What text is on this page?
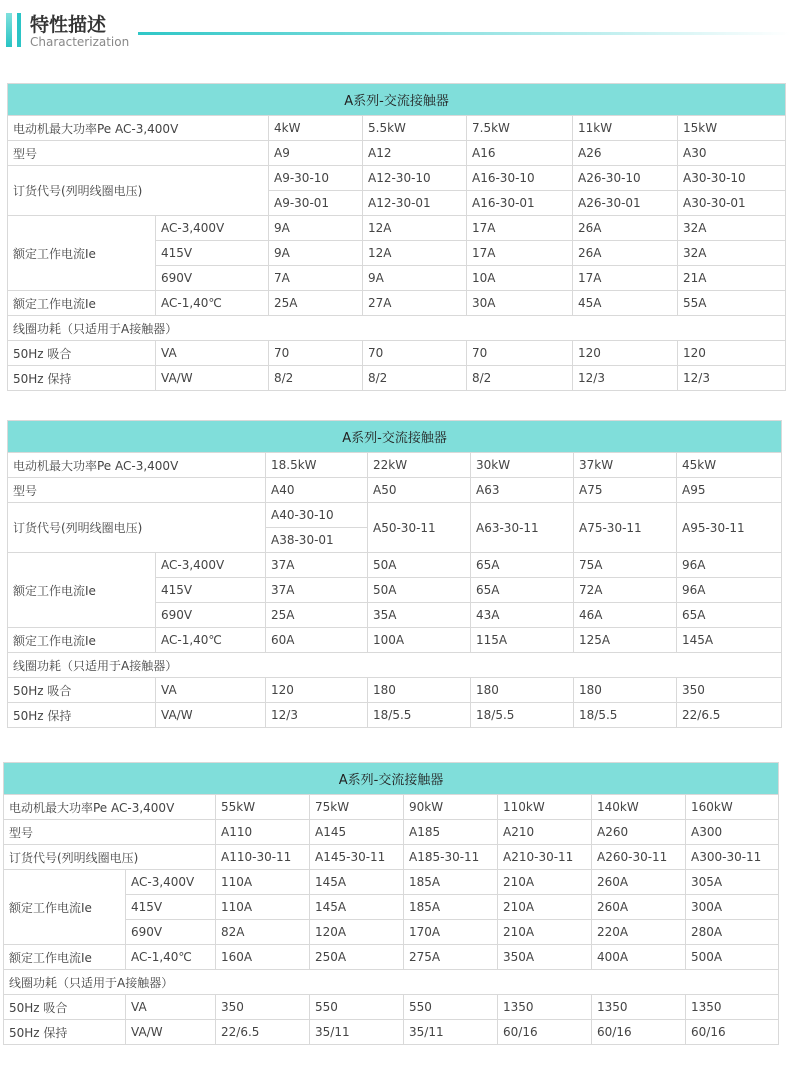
特性描述
Characterization
A系列-交流接触器						
电动机最大功率Pe AC-3,400V		4kW	5.5kW	7.5kW	11kW	15kW
型号		A9	A12	A16	A26	A30
订货代号(列明线圈电压)		A9-30-10	A12-30-10	A16-30-10	A26-30-10	A30-30-10
		A9-30-01	A12-30-01	A16-30-01	A26-30-01	A30-30-01
额定工作电流Ie	AC-3,400V	9A	12A	17A	26A	32A
	415V	9A	12A	17A	26A	32A
	690V	7A	9A	10A	17A	21A
额定工作电流Ie	AC-1,40℃	25A	27A	30A	45A	55A
线圈功耗（只适用于A接触器）						
50Hz 吸合	VA	70	70	70	120	120
50Hz 保持	VA/W	8/2	8/2	8/2	12/3	12/3
A系列-交流接触器						
电动机最大功率Pe AC-3,400V		18.5kW	22kW	30kW	37kW	45kW
型号		A40	A50	A63	A75	A95
订货代号(列明线圈电压)		A40-30-10	A50-30-11	A63-30-11	A75-30-11	A95-30-11
		A38-30-01				
额定工作电流Ie	AC-3,400V	37A	50A	65A	75A	96A
	415V	37A	50A	65A	72A	96A
	690V	25A	35A	43A	46A	65A
额定工作电流Ie	AC-1,40℃	60A	100A	115A	125A	145A
线圈功耗（只适用于A接触器）						
50Hz 吸合	VA	120	180	180	180	350
50Hz 保持	VA/W	12/3	18/5.5	18/5.5	18/5.5	22/6.5
A系列-交流接触器							
电动机最大功率Pe AC-3,400V		55kW	75kW	90kW	110kW	140kW	160kW
型号		A110	A145	A185	A210	A260	A300
订货代号(列明线圈电压)		A110-30-11	A145-30-11	A185-30-11	A210-30-11	A260-30-11	A300-30-11
额定工作电流Ie	AC-3,400V	110A	145A	185A	210A	260A	305A
	415V	110A	145A	185A	210A	260A	300A
	690V	82A	120A	170A	210A	220A	280A
额定工作电流Ie	AC-1,40℃	160A	250A	275A	350A	400A	500A
线圈功耗（只适用于A接触器）							
50Hz 吸合	VA	350	550	550	1350	1350	1350
50Hz 保持	VA/W	22/6.5	35/11	35/11	60/16	60/16	60/16
